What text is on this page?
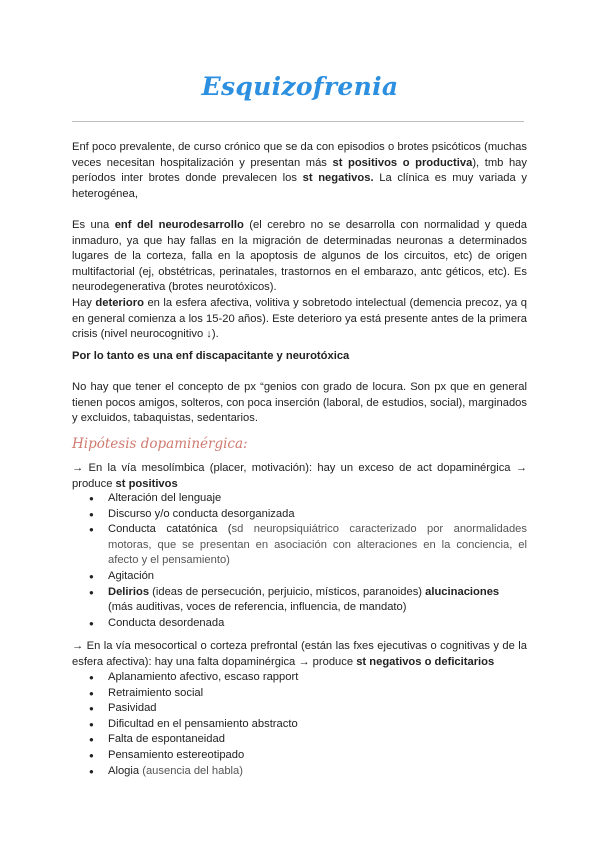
Esquizofrenia

Enf poco prevalente, de curso crónico que se da con episodios o brotes psicóticos (muchas veces necesitan hospitalización y presentan más st positivos o productiva), tmb hay períodos inter brotes donde prevalecen los st negativos. La clínica es muy variada y heterogénea,

Es una enf del neurodesarrollo (el cerebro no se desarrolla con normalidad y queda inmaduro, ya que hay fallas en la migración de determinadas neuronas a determinados lugares de la corteza, falla en la apoptosis de algunos de los circuitos, etc) de origen multifactorial (ej, obstétricas, perinatales, trastornos en el embarazo, antc géticos, etc). Es neurodegenerativa (brotes neurotóxicos).

Hay deterioro en la esfera afectiva, volitiva y sobretodo intelectual (demencia precoz, ya q en general comienza a los 15-20 años). Este deterioro ya está presente antes de la primera crisis (nivel neurocognitivo ↓).

Por lo tanto es una enf discapacitante y neurotóxica

No hay que tener el concepto de px “genios con grado de locura. Son px que en general tienen pocos amigos, solteros, con poca inserción (laboral, de estudios, social), marginados y excluidos, tabaquistas, sedentarios.

Hipótesis dopaminérgica:

→ En la vía mesolímbica (placer, motivación): hay un exceso de act dopaminérgica → produce st positivos

● Alteración del lenguaje
● Discurso y/o conducta desorganizada
● Conducta catatónica (sd neuropsiquiátrico caracterizado por anormalidades motoras, que se presentan en asociación con alteraciones en la conciencia, el afecto y el pensamiento)
● Agitación
● Delirios (ideas de persecución, perjuicio, místicos, paranoides) alucinaciones (más auditivas, voces de referencia, influencia, de mandato)
● Conducta desordenada

→ En la vía mesocortical o corteza prefrontal (están las fxes ejecutivas o cognitivas y de la esfera afectiva): hay una falta dopaminérgica → produce st negativos o deficitarios

● Aplanamiento afectivo, escaso rapport
● Retraimiento social
● Pasividad
● Dificultad en el pensamiento abstracto
● Falta de espontaneidad
● Pensamiento estereotipado
● Alogia (ausencia del habla)
